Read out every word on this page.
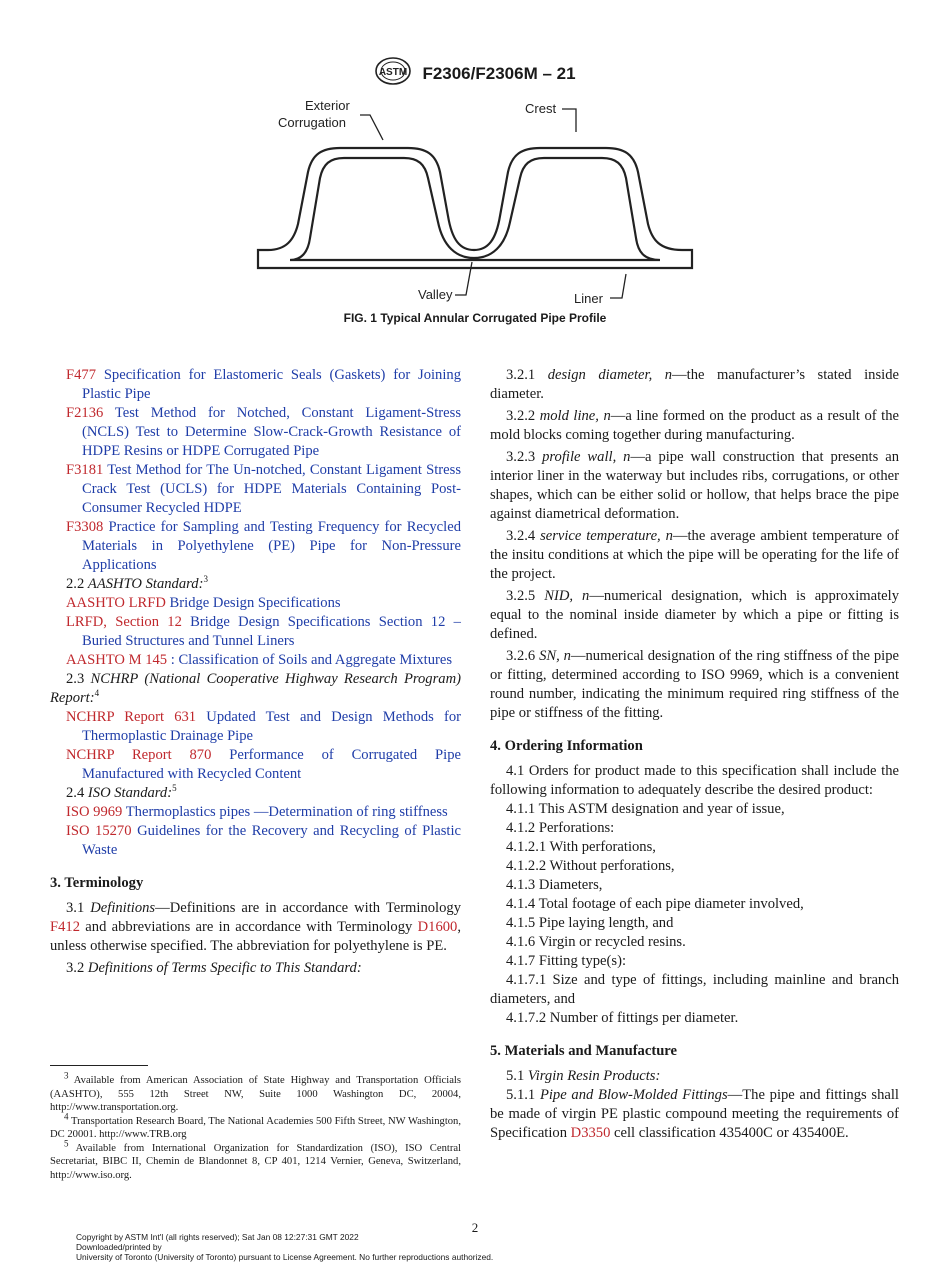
ASTM F2306/F2306M – 21
Exterior
Corrugation
Crest
Valley	Liner
FIG. 1 Typical Annular Corrugated Pipe Profile

F477 Specification for Elastomeric Seals (Gaskets) for Joining Plastic Pipe

F2136 Test Method for Notched, Constant Ligament-Stress (NCLS) Test to Determine Slow-Crack-Growth Resistance of HDPE Resins or HDPE Corrugated Pipe

F3181 Test Method for The Un-notched, Constant Ligament Stress Crack Test (UCLS) for HDPE Materials Containing Post- Consumer Recycled HDPE

F3308 Practice for Sampling and Testing Frequency for Recycled Materials in Polyethylene (PE) Pipe for Non-Pressure Applications

2.2 AASHTO Standard:$^3$

AASHTO LRFD Bridge Design Specifications

LRFD, Section 12 Bridge Design Specifications Section 12 – Buried Structures and Tunnel Liners

AASHTO M 145 : Classification of Soils and Aggregate Mixtures

2.3 NCHRP (National Cooperative Highway Research Program) Report:$^4$

NCHRP Report 631 Updated Test and Design Methods for Thermoplastic Drainage Pipe

NCHRP Report 870 Performance of Corrugated Pipe Manufactured with Recycled Content

2.4 ISO Standard:$^5$

ISO 9969 Thermoplastics pipes —Determination of ring stiffness

ISO 15270 Guidelines for the Recovery and Recycling of Plastic Waste

3. Terminology

3.1 Definitions—Definitions are in accordance with Terminology F412 and abbreviations are in accordance with Terminology D1600, unless otherwise specified. The abbreviation for polyethylene is PE.

3.2 Definitions of Terms Specific to This Standard:

$^3$ Available from American Association of State Highway and Transportation Officials (AASHTO), 555 12th Street NW, Suite 1000 Washington DC, 20004, http://www.transportation.org.

$^4$ Transportation Research Board, The National Academies 500 Fifth Street, NW Washington, DC 20001. http://www.TRB.org

$^5$ Available from International Organization for Standardization (ISO), ISO Central Secretariat, BIBC II, Chemin de Blandonnet 8, CP 401, 1214 Vernier, Geneva, Switzerland, http://www.iso.org.

3.2.1 design diameter, n—the manufacturer’s stated inside diameter.

3.2.2 mold line, n—a line formed on the product as a result of the mold blocks coming together during manufacturing.

3.2.3 profile wall, n—a pipe wall construction that presents an interior liner in the waterway but includes ribs, corrugations, or other shapes, which can be either solid or hollow, that helps brace the pipe against diametrical deformation.

3.2.4 service temperature, n—the average ambient temperature of the insitu conditions at which the pipe will be operating for the life of the project.

3.2.5 NID, n—numerical designation, which is approximately equal to the nominal inside diameter by which a pipe or fitting is defined.

3.2.6 SN, n—numerical designation of the ring stiffness of the pipe or fitting, determined according to ISO 9969, which is a convenient round number, indicating the minimum required ring stiffness of the pipe or stiffness of the fitting.

4. Ordering Information

4.1 Orders for product made to this specification shall include the following information to adequately describe the desired product:

4.1.1 This ASTM designation and year of issue,

4.1.2 Perforations:

4.1.2.1 With perforations,

4.1.2.2 Without perforations,

4.1.3 Diameters,

4.1.4 Total footage of each pipe diameter involved,

4.1.5 Pipe laying length, and

4.1.6 Virgin or recycled resins.

4.1.7 Fitting type(s):

4.1.7.1 Size and type of fittings, including mainline and branch diameters, and

4.1.7.2 Number of fittings per diameter.

5. Materials and Manufacture

5.1 Virgin Resin Products:

5.1.1 Pipe and Blow-Molded Fittings—The pipe and fittings shall be made of virgin PE plastic compound meeting the requirements of Specification D3350 cell classification 435400C or 435400E.

2
Copyright by ASTM Int'l (all rights reserved); Sat Jan 08 12:27:31 GMT 2022
Downloaded/printed by
University of Toronto (University of Toronto) pursuant to License Agreement. No further reproductions authorized.
